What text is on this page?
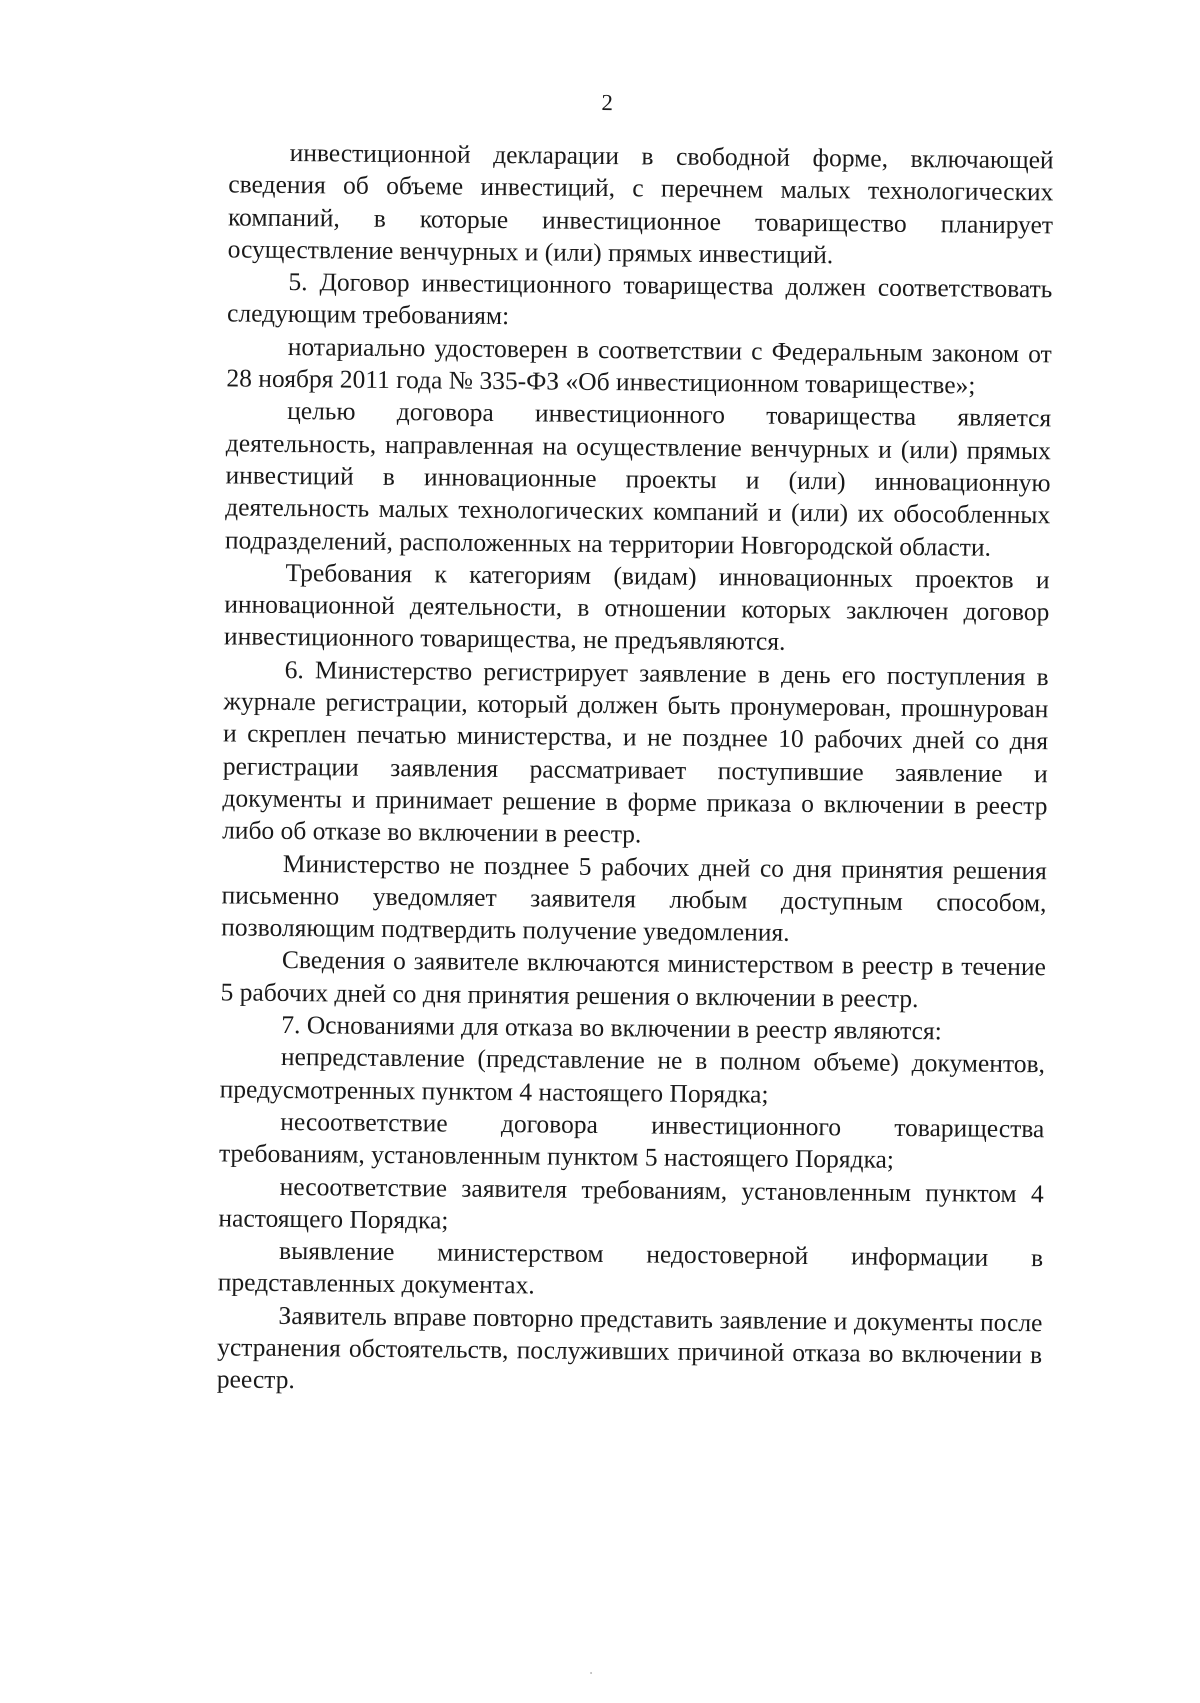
2

инвестиционной декларации в свободной форме, включающей сведения об объеме инвестиций, с перечнем малых технологических компаний, в которые инвестиционное товарищество планирует осуществление венчурных и (или) прямых инвестиций.

5. Договор инвестиционного товарищества должен соответствовать следующим требованиям:

нотариально удостоверен в соответствии с Федеральным законом от 28 ноября 2011 года № 335-ФЗ «Об инвестиционном товариществе»;

целью договора инвестиционного товарищества является деятельность, направленная на осуществление венчурных и (или) прямых инвестиций в инновационные проекты и (или) инновационную деятельность малых технологических компаний и (или) их обособленных подразделений, расположенных на территории Новгородской области.

Требования к категориям (видам) инновационных проектов и инновационной деятельности, в отношении которых заключен договор инвестиционного товарищества, не предъявляются.

6. Министерство регистрирует заявление в день его поступления в журнале регистрации, который должен быть пронумерован, прошнурован и скреплен печатью министерства, и не позднее 10 рабочих дней со дня регистрации заявления рассматривает поступившие заявление и документы и принимает решение в форме приказа о включении в реестр либо об отказе во включении в реестр.

Министерство не позднее 5 рабочих дней со дня принятия решения письменно уведомляет заявителя любым доступным способом, позволяющим подтвердить получение уведомления.

Сведения о заявителе включаются министерством в реестр в течение 5 рабочих дней со дня принятия решения о включении в реестр.

7. Основаниями для отказа во включении в реестр являются:

непредставление (представление не в полном объеме) документов, предусмотренных пунктом 4 настоящего Порядка;

несоответствие договора инвестиционного товарищества требованиям, установленным пунктом 5 настоящего Порядка;

несоответствие заявителя требованиям, установленным пунктом 4 настоящего Порядка;

выявление министерством недостоверной информации в представленных документах.

Заявитель вправе повторно представить заявление и документы после устранения обстоятельств, послуживших причиной отказа во включении в реестр.
